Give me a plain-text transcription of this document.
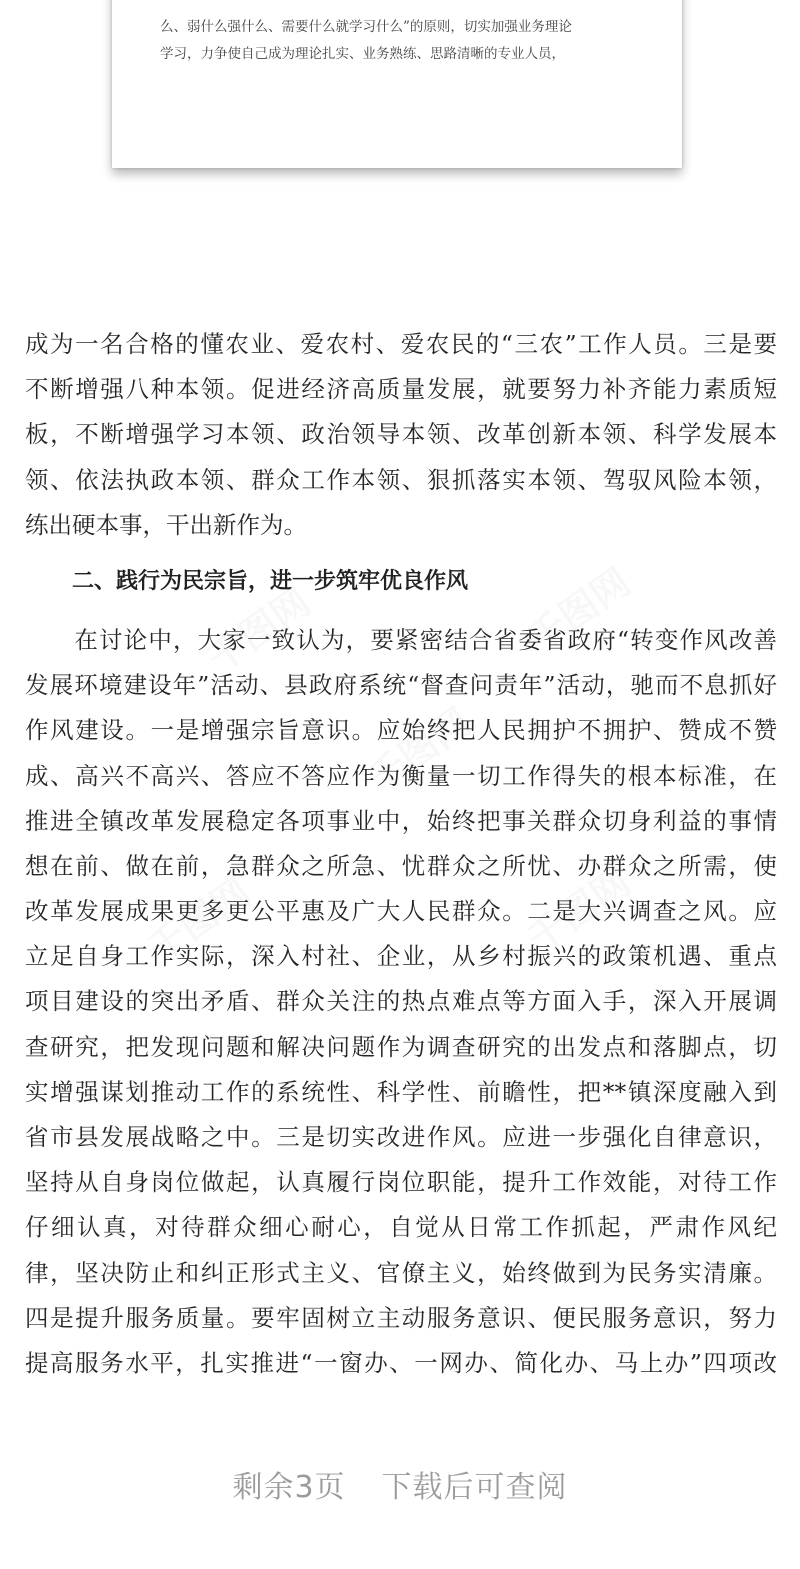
么、弱什么强什么、需要什么就学习什么”的原则，切实加强业务理论
学习，力争使自己成为理论扎实、业务熟练、思路清晰的专业人员，
千图网	千图网
千图网
千图网	千图网
成为一名合格的懂农业、爱农村、爱农民的“三农”工作人员。三是要
不断增强八种本领。促进经济高质量发展，就要努力补齐能力素质短
板，不断增强学习本领、政治领导本领、改革创新本领、科学发展本
领、依法执政本领、群众工作本领、狠抓落实本领、驾驭风险本领，
练出硬本事，干出新作为。
二、践行为民宗旨，进一步筑牢优良作风
　　在讨论中，大家一致认为，要紧密结合省委省政府“转变作风改善
发展环境建设年”活动、县政府系统“督查问责年”活动，驰而不息抓好
作风建设。一是增强宗旨意识。应始终把人民拥护不拥护、赞成不赞
成、高兴不高兴、答应不答应作为衡量一切工作得失的根本标准，在
推进全镇改革发展稳定各项事业中，始终把事关群众切身利益的事情
想在前、做在前，急群众之所急、忧群众之所忧、办群众之所需，使
改革发展成果更多更公平惠及广大人民群众。二是大兴调查之风。应
立足自身工作实际，深入村社、企业，从乡村振兴的政策机遇、重点
项目建设的突出矛盾、群众关注的热点难点等方面入手，深入开展调
查研究，把发现问题和解决问题作为调查研究的出发点和落脚点，切
实增强谋划推动工作的系统性、科学性、前瞻性，把**镇深度融入到
省市县发展战略之中。三是切实改进作风。应进一步强化自律意识，
坚持从自身岗位做起，认真履行岗位职能，提升工作效能，对待工作
仔细认真，对待群众细心耐心，自觉从日常工作抓起，严肃作风纪
律，坚决防止和纠正形式主义、官僚主义，始终做到为民务实清廉。
四是提升服务质量。要牢固树立主动服务意识、便民服务意识，努力
提高服务水平，扎实推进“一窗办、一网办、简化办、马上办”四项改
剩余3页 下载后可查阅
